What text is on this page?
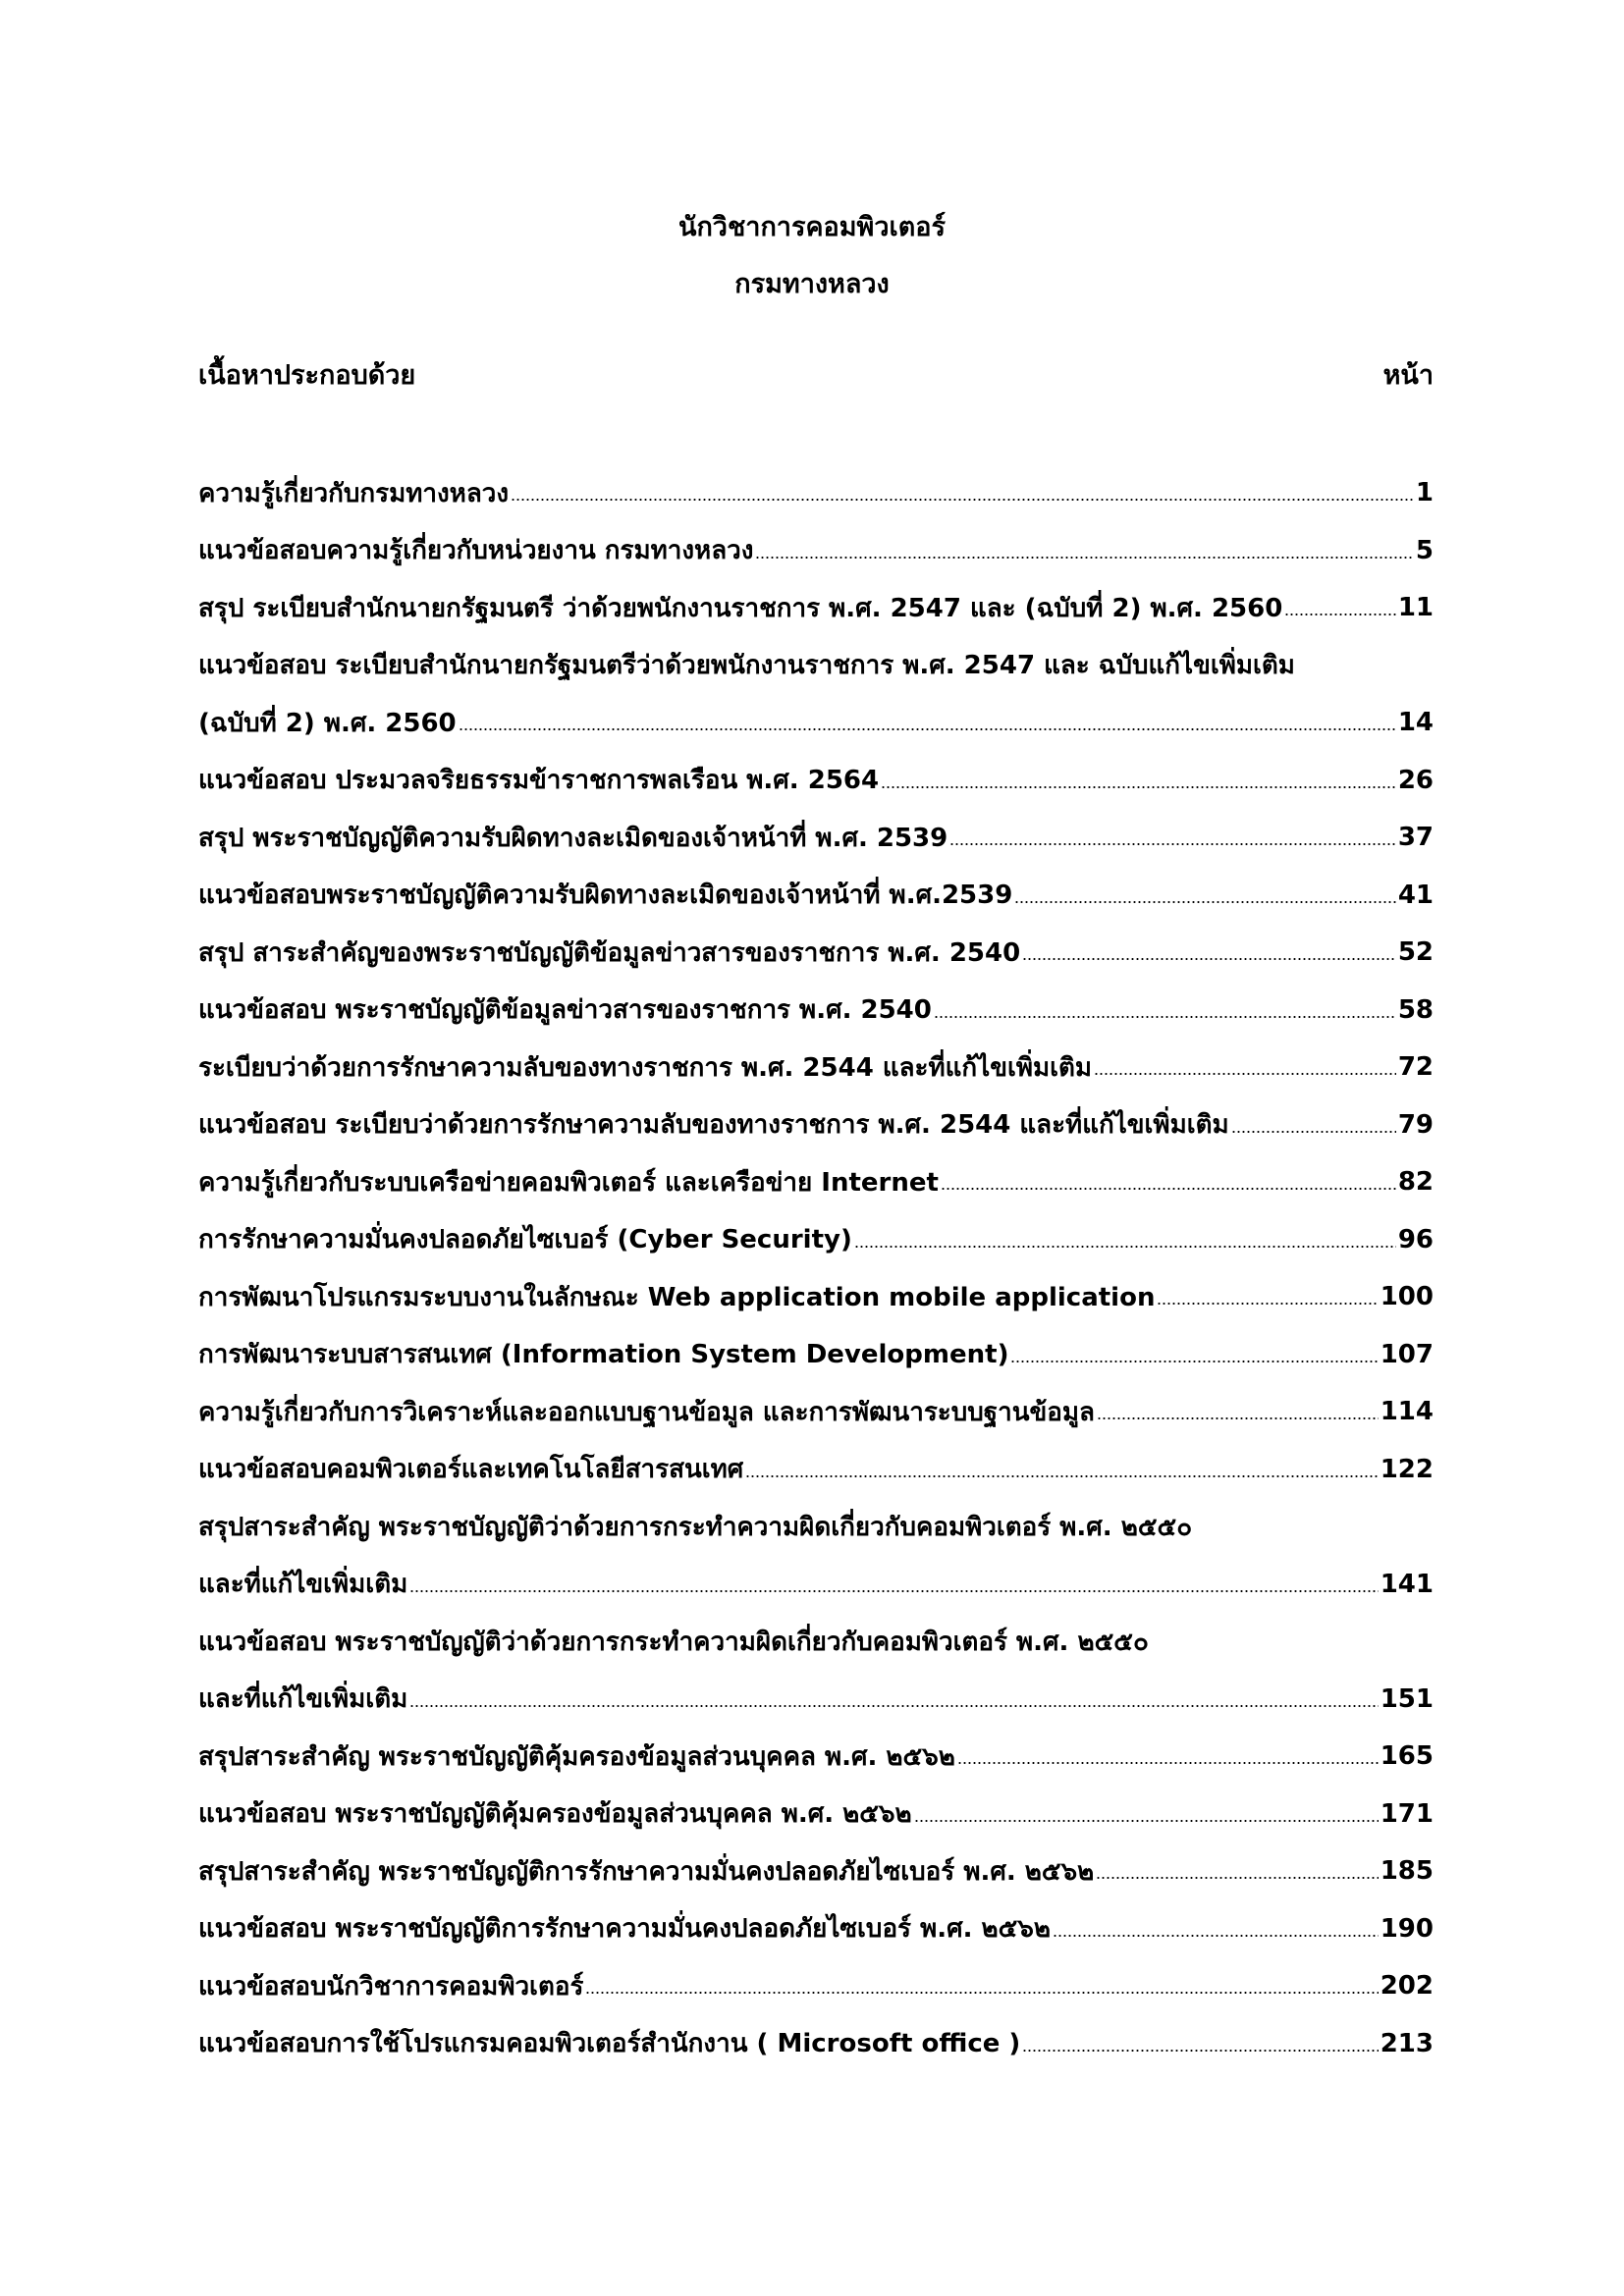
นักวิชาการคอมพิวเตอร์
กรมทางหลวง
เนื้อหาประกอบด้วย	หน้า
ความรู้เกี่ยวกับกรมทางหลวง	1
แนวข้อสอบความรู้เกี่ยวกับหน่วยงาน กรมทางหลวง	5
สรุป ระเบียบสำนักนายกรัฐมนตรี ว่าด้วยพนักงานราชการ พ.ศ. 2547 และ (ฉบับที่ 2) พ.ศ. 2560	11
แนวข้อสอบ ระเบียบสำนักนายกรัฐมนตรีว่าด้วยพนักงานราชการ พ.ศ. 2547 และ ฉบับแก้ไขเพิ่มเติม
(ฉบับที่ 2) พ.ศ. 2560	14
แนวข้อสอบ ประมวลจริยธรรมข้าราชการพลเรือน พ.ศ. 2564	26
สรุป พระราชบัญญัติความรับผิดทางละเมิดของเจ้าหน้าที่ พ.ศ. 2539	37
แนวข้อสอบพระราชบัญญัติความรับผิดทางละเมิดของเจ้าหน้าที่ พ.ศ.2539	41
สรุป สาระสำคัญของพระราชบัญญัติข้อมูลข่าวสารของราชการ พ.ศ. 2540	52
แนวข้อสอบ พระราชบัญญัติข้อมูลข่าวสารของราชการ พ.ศ. 2540	58
ระเบียบว่าด้วยการรักษาความลับของทางราชการ พ.ศ. 2544 และที่แก้ไขเพิ่มเติม	72
แนวข้อสอบ ระเบียบว่าด้วยการรักษาความลับของทางราชการ พ.ศ. 2544 และที่แก้ไขเพิ่มเติม	79
ความรู้เกี่ยวกับระบบเครือข่ายคอมพิวเตอร์ และเครือข่าย Internet	82
การรักษาความมั่นคงปลอดภัยไซเบอร์ (Cyber Security)	96
การพัฒนาโปรแกรมระบบงานในลักษณะ Web application mobile application	100
การพัฒนาระบบสารสนเทศ (Information System Development)	107
ความรู้เกี่ยวกับการวิเคราะห์และออกแบบฐานข้อมูล และการพัฒนาระบบฐานข้อมูล	114
แนวข้อสอบคอมพิวเตอร์และเทคโนโลยีสารสนเทศ	122
สรุปสาระสำคัญ พระราชบัญญัติว่าด้วยการกระทำความผิดเกี่ยวกับคอมพิวเตอร์ พ.ศ. ๒๕๕๐
และที่แก้ไขเพิ่มเติม	141
แนวข้อสอบ พระราชบัญญัติว่าด้วยการกระทำความผิดเกี่ยวกับคอมพิวเตอร์ พ.ศ. ๒๕๕๐
และที่แก้ไขเพิ่มเติม	151
สรุปสาระสำคัญ พระราชบัญญัติคุ้มครองข้อมูลส่วนบุคคล พ.ศ. ๒๕๖๒	165
แนวข้อสอบ พระราชบัญญัติคุ้มครองข้อมูลส่วนบุคคล พ.ศ. ๒๕๖๒	171
สรุปสาระสำคัญ พระราชบัญญัติการรักษาความมั่นคงปลอดภัยไซเบอร์ พ.ศ. ๒๕๖๒	185
แนวข้อสอบ พระราชบัญญัติการรักษาความมั่นคงปลอดภัยไซเบอร์ พ.ศ. ๒๕๖๒	190
แนวข้อสอบนักวิชาการคอมพิวเตอร์	202
แนวข้อสอบการใช้โปรแกรมคอมพิวเตอร์สำนักงาน ( Microsoft office )	213
